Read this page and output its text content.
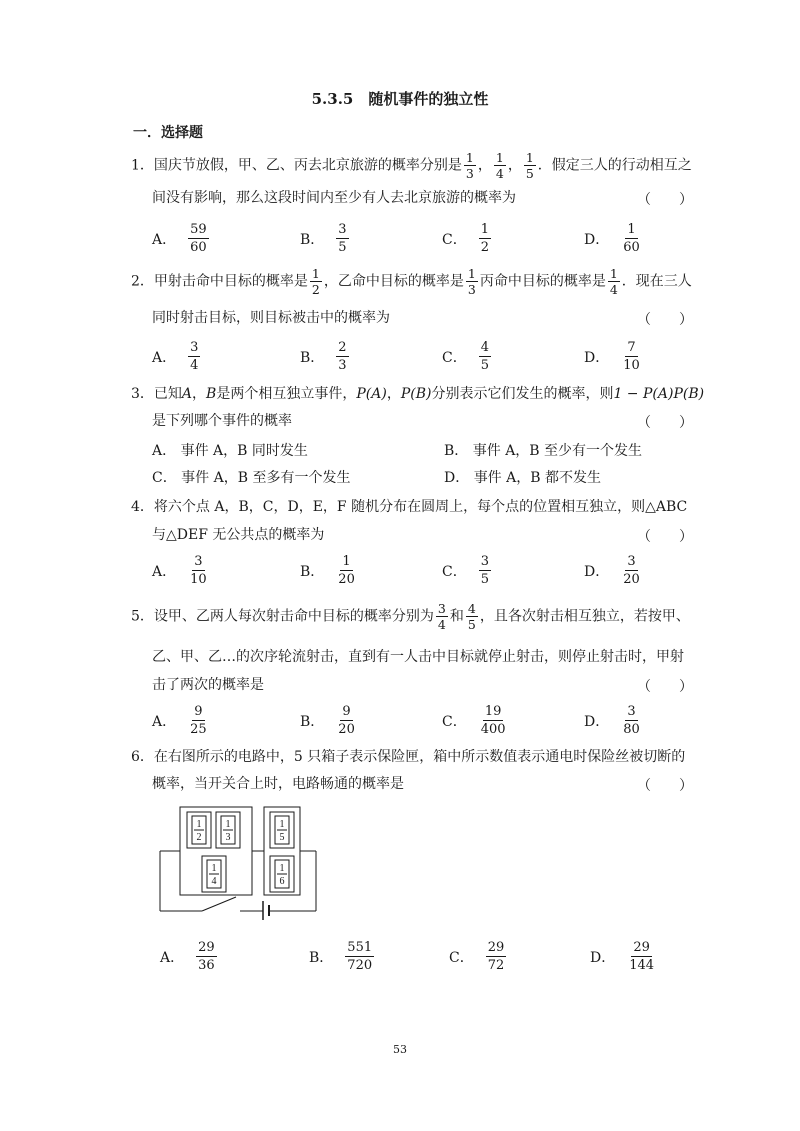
5.3.5　随机事件的独立性
一．选择题
1．国庆节放假，甲、乙、丙去北京旅游的概率分别是 $\frac{1}{3}$ ， $\frac{1}{4}$ ， $\frac{1}{5}$ ．假定三人的行动相互之
间没有影响，那么这段时间内至少有人去北京旅游的概率为	（　　）
A． $\frac{59}{60}$	B． $\frac{3}{5}$	C． $\frac{1}{2}$	D． $\frac{1}{60}$
2．甲射击命中目标的概率是 $\frac{1}{2}$ ，乙命中目标的概率是 $\frac{1}{3}$ 丙命中目标的概率是 $\frac{1}{4}$ ．现在三人
同时射击目标，则目标被击中的概率为	（　　）
A． $\frac{3}{4}$	B． $\frac{2}{3}$	C． $\frac{4}{5}$	D． $\frac{7}{10}$
3．已知A，B是两个相互独立事件，P(A)，P(B)分别表示它们发生的概率，则1 − P(A)P(B)
是下列哪个事件的概率	（　　）
A． 事件 A，B 同时发生	B． 事件 A，B 至少有一个发生
C． 事件 A，B 至多有一个发生	D． 事件 A，B 都不发生
4．将六个点 A，B，C，D，E，F 随机分布在圆周上，每个点的位置相互独立，则△ABC
与△DEF 无公共点的概率为	（　　）
A． $\frac{3}{10}$	B． $\frac{1}{20}$	C． $\frac{3}{5}$	D． $\frac{3}{20}$
5．设甲、乙两人每次射击命中目标的概率分别为 $\frac{3}{4}$ 和 $\frac{4}{5}$ ，且各次射击相互独立，若按甲、
乙、甲、乙…的次序轮流射击，直到有一人击中目标就停止射击，则停止射击时，甲射
击了两次的概率是	（　　）
A． $\frac{9}{25}$	B． $\frac{9}{20}$	C． $\frac{19}{400}$	D． $\frac{3}{80}$
6．在右图所示的电路中，5 只箱子表示保险匣，箱中所示数值表示通电时保险丝被切断的
概率，当开关合上时，电路畅通的概率是	（　　）
1
2
1
3
1
4
1
5
1
6
A． $\frac{29}{36}$	B． $\frac{551}{720}$	C． $\frac{29}{72}$	D． $\frac{29}{144}$
53
